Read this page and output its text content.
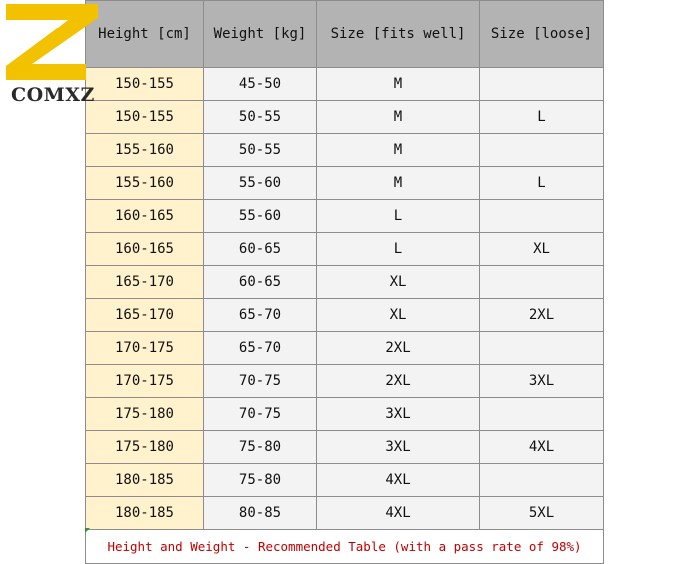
COMXZ
Height [cm]	Weight [kg]	Size [fits well]	Size [loose]
150-155	45-50	M	
150-155	50-55	M	L
155-160	50-55	M	
155-160	55-60	M	L
160-165	55-60	L	
160-165	60-65	L	XL
165-170	60-65	XL	
165-170	65-70	XL	2XL
170-175	65-70	2XL	
170-175	70-75	2XL	3XL
175-180	70-75	3XL	
175-180	75-80	3XL	4XL
180-185	75-80	4XL	
180-185	80-85	4XL	5XL
Height and Weight - Recommended Table (with a pass rate of 98%)			
